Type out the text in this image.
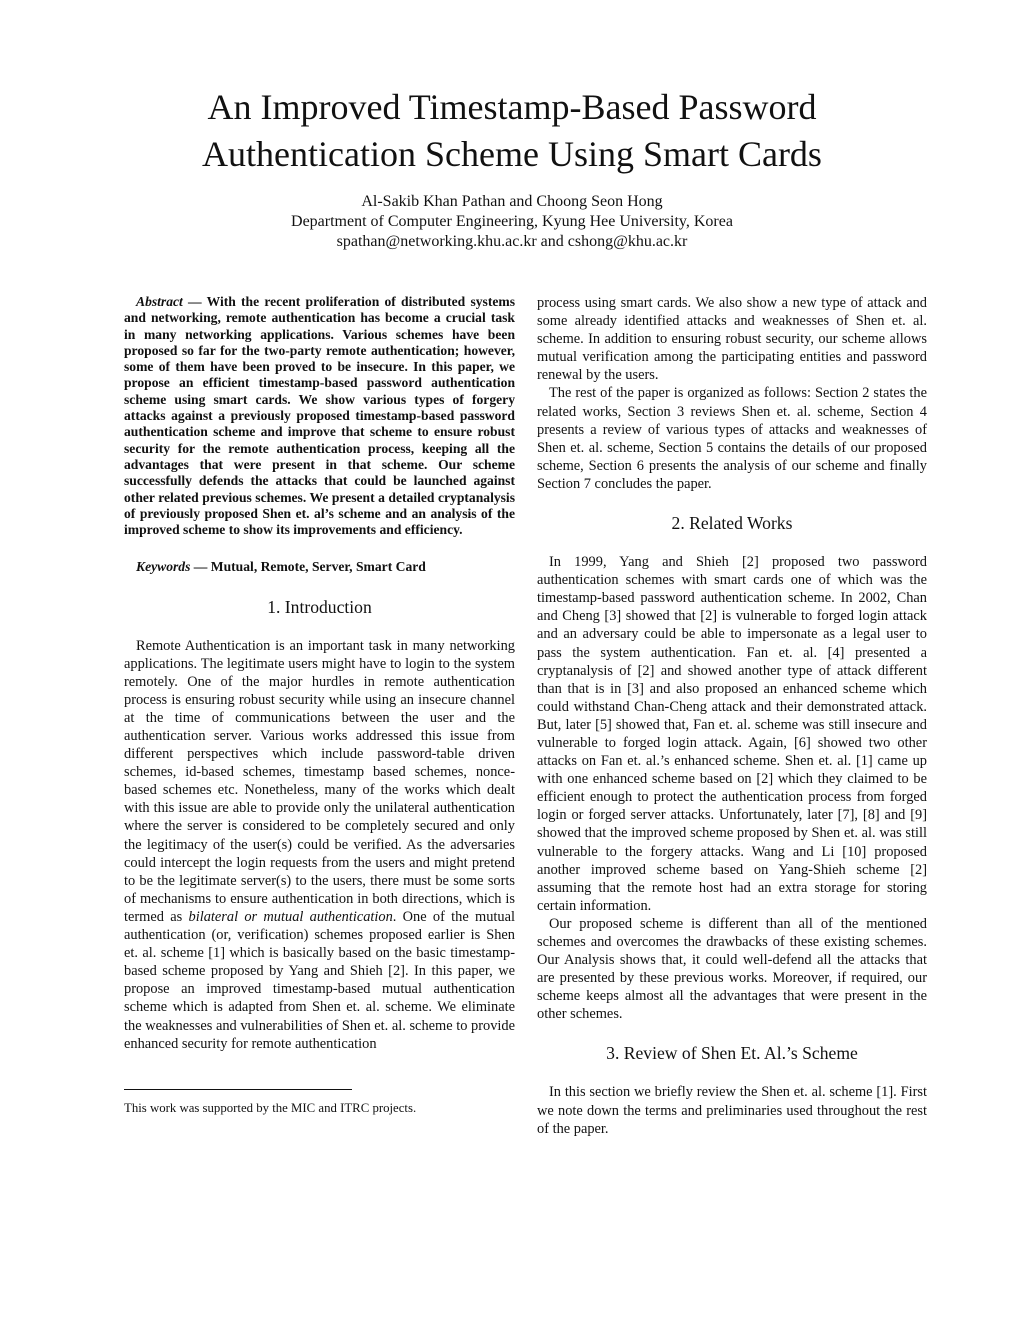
An Improved Timestamp-Based Password
Authentication Scheme Using Smart Cards
Al-Sakib Khan Pathan and Choong Seon Hong
Department of Computer Engineering, Kyung Hee University, Korea
spathan@networking.khu.ac.kr and cshong@khu.ac.kr

Abstract — With the recent proliferation of distributed systems and networking, remote authentication has become a crucial task in many networking applications. Various schemes have been proposed so far for the two-party remote authentication; however, some of them have been proved to be insecure. In this paper, we propose an efficient timestamp-based password authentication scheme using smart cards. We show various types of forgery attacks against a previously proposed timestamp-based password authentication scheme and improve that scheme to ensure robust security for the remote authentication process, keeping all the advantages that were present in that scheme. Our scheme successfully defends the attacks that could be launched against other related previous schemes. We present a detailed cryptanalysis of previously proposed Shen et. al’s scheme and an analysis of the improved scheme to show its improvements and efficiency.

Keywords — Mutual, Remote, Server, Smart Card

1. Introduction

Remote Authentication is an important task in many networking applications. The legitimate users might have to login to the system remotely. One of the major hurdles in remote authentication process is ensuring robust security while using an insecure channel at the time of communications between the user and the authentication server. Various works addressed this issue from different perspectives which include password-table driven schemes, id-based schemes, timestamp based schemes, nonce-based schemes etc. Nonetheless, many of the works which dealt with this issue are able to provide only the unilateral authentication where the server is considered to be completely secured and only the legitimacy of the user(s) could be verified. As the adversaries could intercept the login requests from the users and might pretend to be the legitimate server(s) to the users, there must be some sorts of mechanisms to ensure authentication in both directions, which is termed as bilateral or mutual authentication. One of the mutual authentication (or, verification) schemes proposed earlier is Shen et. al. scheme [1] which is basically based on the basic timestamp-based scheme proposed by Yang and Shieh [2]. In this paper, we propose an improved timestamp-based mutual authentication scheme which is adapted from Shen et. al. scheme. We eliminate the weaknesses and vulnerabilities of Shen et. al. scheme to provide enhanced security for remote authentication

This work was supported by the MIC and ITRC projects.

process using smart cards. We also show a new type of attack and some already identified attacks and weaknesses of Shen et. al. scheme. In addition to ensuring robust security, our scheme allows mutual verification among the participating entities and password renewal by the users.

The rest of the paper is organized as follows: Section 2 states the related works, Section 3 reviews Shen et. al. scheme, Section 4 presents a review of various types of attacks and weaknesses of Shen et. al. scheme, Section 5 contains the details of our proposed scheme, Section 6 presents the analysis of our scheme and finally Section 7 concludes the paper.

2. Related Works

In 1999, Yang and Shieh [2] proposed two password authentication schemes with smart cards one of which was the timestamp-based password authentication scheme. In 2002, Chan and Cheng [3] showed that [2] is vulnerable to forged login attack and an adversary could be able to impersonate as a legal user to pass the system authentication. Fan et. al. [4] presented a cryptanalysis of [2] and showed another type of attack different than that is in [3] and also proposed an enhanced scheme which could withstand Chan-Cheng attack and their demonstrated attack. But, later [5] showed that, Fan et. al. scheme was still insecure and vulnerable to forged login attack. Again, [6] showed two other attacks on Fan et. al.’s enhanced scheme. Shen et. al. [1] came up with one enhanced scheme based on [2] which they claimed to be efficient enough to protect the authentication process from forged login or forged server attacks. Unfortunately, later [7], [8] and [9] showed that the improved scheme proposed by Shen et. al. was still vulnerable to the forgery attacks. Wang and Li [10] proposed another improved scheme based on Yang-Shieh scheme [2] assuming that the remote host had an extra storage for storing certain information.

Our proposed scheme is different than all of the mentioned schemes and overcomes the drawbacks of these existing schemes. Our Analysis shows that, it could well-defend all the attacks that are presented by these previous works. Moreover, if required, our scheme keeps almost all the advantages that were present in the other schemes.

3. Review of Shen Et. Al.’s Scheme

In this section we briefly review the Shen et. al. scheme [1]. First we note down the terms and preliminaries used throughout the rest of the paper.
